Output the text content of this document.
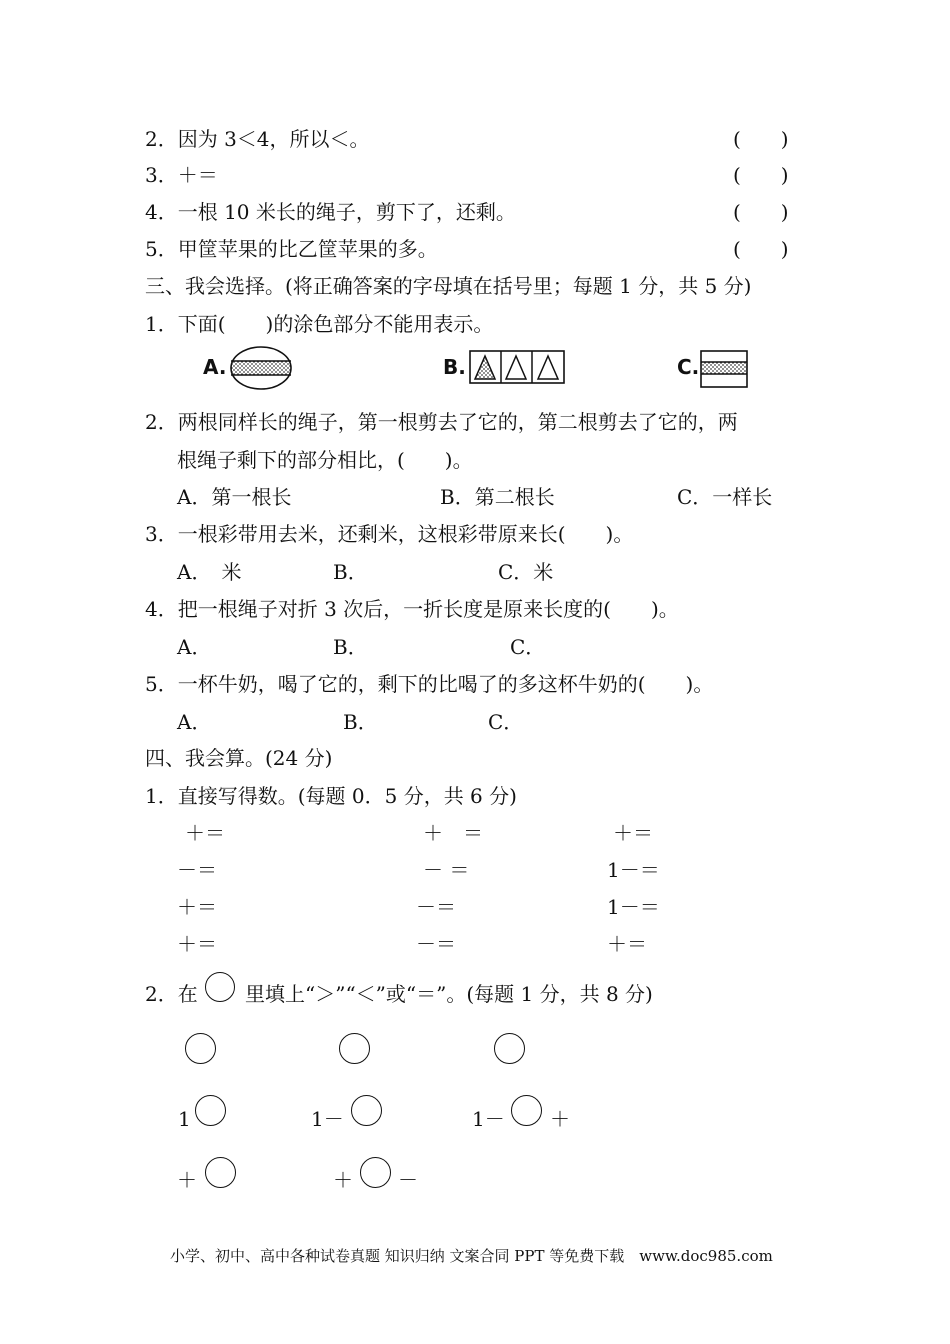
2．因为 3＜4，所以＜。	(　　)
3．＋＝	(　　)
4．一根 10 米长的绳子，剪下了，还剩。	(　　)
5．甲筐苹果的比乙筐苹果的多。	(　　)
三、我会选择。(将正确答案的字母填在括号里；每题 1 分，共 5 分)
1．下面(　　)的涂色部分不能用表示。
A.	B.	C.
2．两根同样长的绳子，第一根剪去了它的，第二根剪去了它的，两
根绳子剩下的部分相比，(　　)。
A．第一根长	B．第二根长	C．一样长
3．一根彩带用去米，还剩米，这根彩带原来长(　　)。
A．　米	B．	C．米
4．把一根绳子对折 3 次后，一折长度是原来长度的(　　)。
A．	B．	C．
5．一杯牛奶，喝了它的，剩下的比喝了的多这杯牛奶的(　　)。
A．	B．	C．
四、我会算。(24 分)
1．直接写得数。(每题 0．5 分，共 6 分)
＋＝	＋　＝	＋＝
－＝	－ ＝	1－＝
＋＝	－＝	1－＝
＋＝	－＝	＋＝
2．在 里填上“＞”“＜”或“＝”。(每题 1 分，共 8 分)
1	1－	1－ ＋
＋	＋ －
小学、初中、高中各种试卷真题 知识归纳 文案合同 PPT 等免费下载　www.doc985.com
